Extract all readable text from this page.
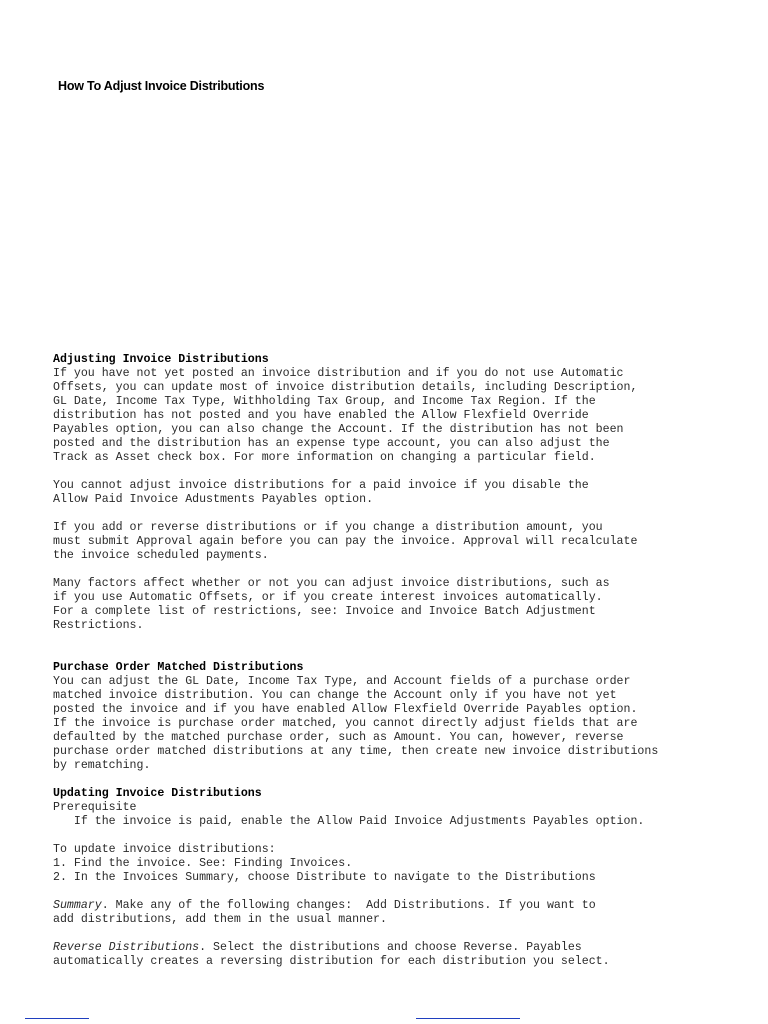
How To Adjust Invoice Distributions
Adjusting Invoice Distributions
If you have not yet posted an invoice distribution and if you do not use Automatic
Offsets, you can update most of invoice distribution details, including Description,
GL Date, Income Tax Type, Withholding Tax Group, and Income Tax Region. If the
distribution has not posted and you have enabled the Allow Flexfield Override
Payables option, you can also change the Account. If the distribution has not been
posted and the distribution has an expense type account, you can also adjust the
Track as Asset check box. For more information on changing a particular field.
You cannot adjust invoice distributions for a paid invoice if you disable the
Allow Paid Invoice Adustments Payables option.
If you add or reverse distributions or if you change a distribution amount, you
must submit Approval again before you can pay the invoice. Approval will recalculate
the invoice scheduled payments.
Many factors affect whether or not you can adjust invoice distributions, such as
if you use Automatic Offsets, or if you create interest invoices automatically.
For a complete list of restrictions, see: Invoice and Invoice Batch Adjustment
Restrictions.
Purchase Order Matched Distributions
You can adjust the GL Date, Income Tax Type, and Account fields of a purchase order
matched invoice distribution. You can change the Account only if you have not yet
posted the invoice and if you have enabled Allow Flexfield Override Payables option.
If the invoice is purchase order matched, you cannot directly adjust fields that are
defaulted by the matched purchase order, such as Amount. You can, however, reverse
purchase order matched distributions at any time, then create new invoice distributions
by rematching.
Updating Invoice Distributions
Prerequisite
If the invoice is paid, enable the Allow Paid Invoice Adjustments Payables option.
To update invoice distributions:
1. Find the invoice. See: Finding Invoices.
2. In the Invoices Summary, choose Distribute to navigate to the Distributions
Summary. Make any of the following changes:  Add Distributions. If you want to
add distributions, add them in the usual manner.
Reverse Distributions. Select the distributions and choose Reverse. Payables
automatically creates a reversing distribution for each distribution you select.
